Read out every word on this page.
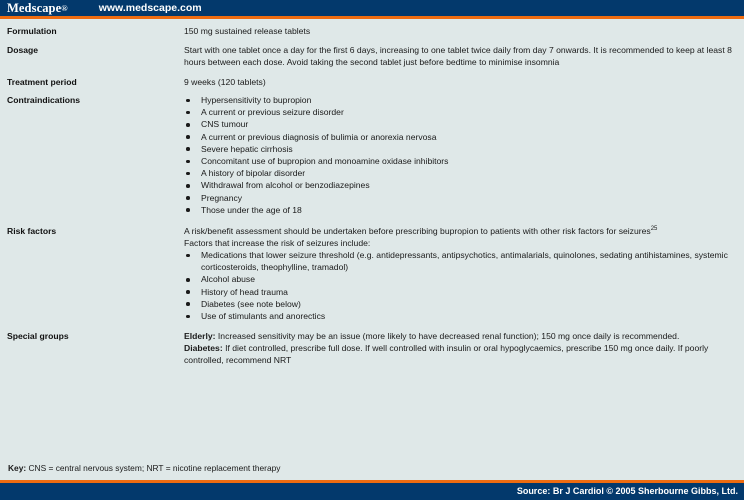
Medscape®	www.medscape.com
Formulation	150 mg sustained release tablets

Dosage	Start with one tablet once a day for the first 6 days, increasing to one tablet twice daily from day 7 onwards. It is recommended to keep at least 8 hours between each dose. Avoid taking the second tablet just before bedtime to minimise insomnia

Treatment period	9 weeks (120 tablets)

Contraindications	Hypersensitivity to bupropion
A current or previous seizure disorder
CNS tumour
A current or previous diagnosis of bulimia or anorexia nervosa
Severe hepatic cirrhosis
Concomitant use of bupropion and monoamine oxidase inhibitors
A history of bipolar disorder
Withdrawal from alcohol or benzodiazepines
Pregnancy
Those under the age of 18
Risk factors	A risk/benefit assessment should be undertaken before prescribing bupropion to patients with other risk factors for seizures$^{25}$

Factors that increase the risk of seizures include:

Medications that lower seizure threshold (e.g. antidepressants, antipsychotics, antimalarials, quinolones, sedating antihistamines, systemic corticosteroids, theophylline, tramadol)
Alcohol abuse
History of head trauma
Diabetes (see note below)
Use of stimulants and anorectics
Special groups	Elderly: Increased sensitivity may be an issue (more likely to have decreased renal function); 150 mg once daily is recommended.

Diabetes: If diet controlled, prescribe full dose. If well controlled with insulin or oral hypoglycaemics, prescribe 150 mg once daily. If poorly controlled, recommend NRT

Key: CNS = central nervous system; NRT = nicotine replacement therapy
Source: Br J Cardiol © 2005 Sherbourne Gibbs, Ltd.
